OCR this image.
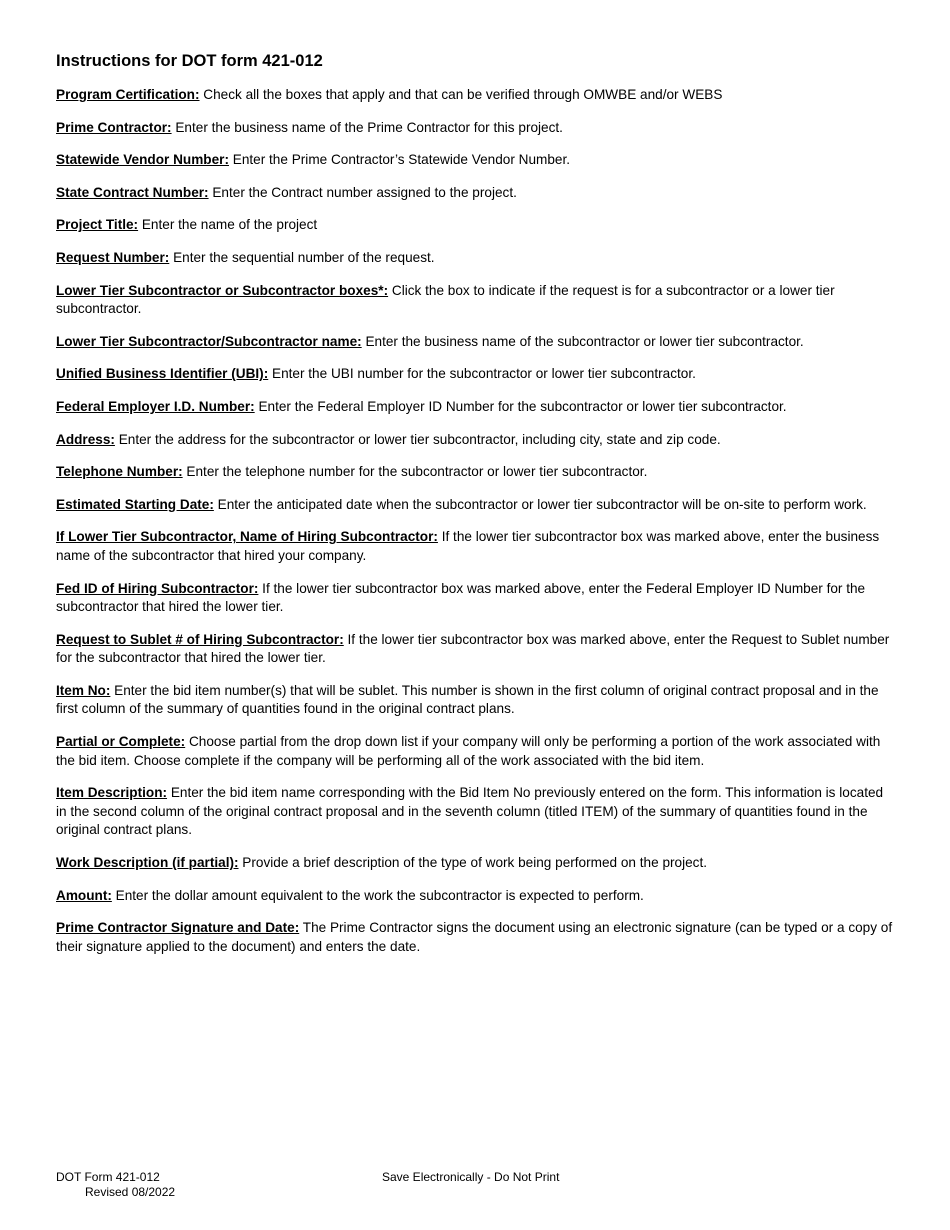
Instructions for DOT form 421-012

Program Certification: Check all the boxes that apply and that can be verified through OMWBE and/or WEBS

Prime Contractor: Enter the business name of the Prime Contractor for this project.

Statewide Vendor Number: Enter the Prime Contractor’s Statewide Vendor Number.

State Contract Number: Enter the Contract number assigned to the project.

Project Title: Enter the name of the project

Request Number: Enter the sequential number of the request.

Lower Tier Subcontractor or Subcontractor boxes*: Click the box to indicate if the request is for a subcontractor or a lower tier subcontractor.

Lower Tier Subcontractor/Subcontractor name: Enter the business name of the subcontractor or lower tier subcontractor.

Unified Business Identifier (UBI): Enter the UBI number for the subcontractor or lower tier subcontractor.

Federal Employer I.D. Number: Enter the Federal Employer ID Number for the subcontractor or lower tier subcontractor.

Address: Enter the address for the subcontractor or lower tier subcontractor, including city, state and zip code.

Telephone Number: Enter the telephone number for the subcontractor or lower tier subcontractor.

Estimated Starting Date: Enter the anticipated date when the subcontractor or lower tier subcontractor will be on-site to perform work.

If Lower Tier Subcontractor, Name of Hiring Subcontractor: If the lower tier subcontractor box was marked above, enter the business name of the subcontractor that hired your company.

Fed ID of Hiring Subcontractor: If the lower tier subcontractor box was marked above, enter the Federal Employer ID Number for the subcontractor that hired the lower tier.

Request to Sublet # of Hiring Subcontractor: If the lower tier subcontractor box was marked above, enter the Request to Sublet number for the subcontractor that hired the lower tier.

Item No: Enter the bid item number(s) that will be sublet. This number is shown in the first column of original contract proposal and in the first column of the summary of quantities found in the original contract plans.

Partial or Complete: Choose partial from the drop down list if your company will only be performing a portion of the work associated with the bid item. Choose complete if the company will be performing all of the work associated with the bid item.

Item Description: Enter the bid item name corresponding with the Bid Item No previously entered on the form. This information is located in the second column of the original contract proposal and in the seventh column (titled ITEM) of the summary of quantities found in the original contract plans.

Work Description (if partial): Provide a brief description of the type of work being performed on the project.

Amount: Enter the dollar amount equivalent to the work the subcontractor is expected to perform.

Prime Contractor Signature and Date: The Prime Contractor signs the document using an electronic signature (can be typed or a copy of their signature applied to the document) and enters the date.

DOT Form 421-012
Revised 08/2022
Save Electronically - Do Not Print
